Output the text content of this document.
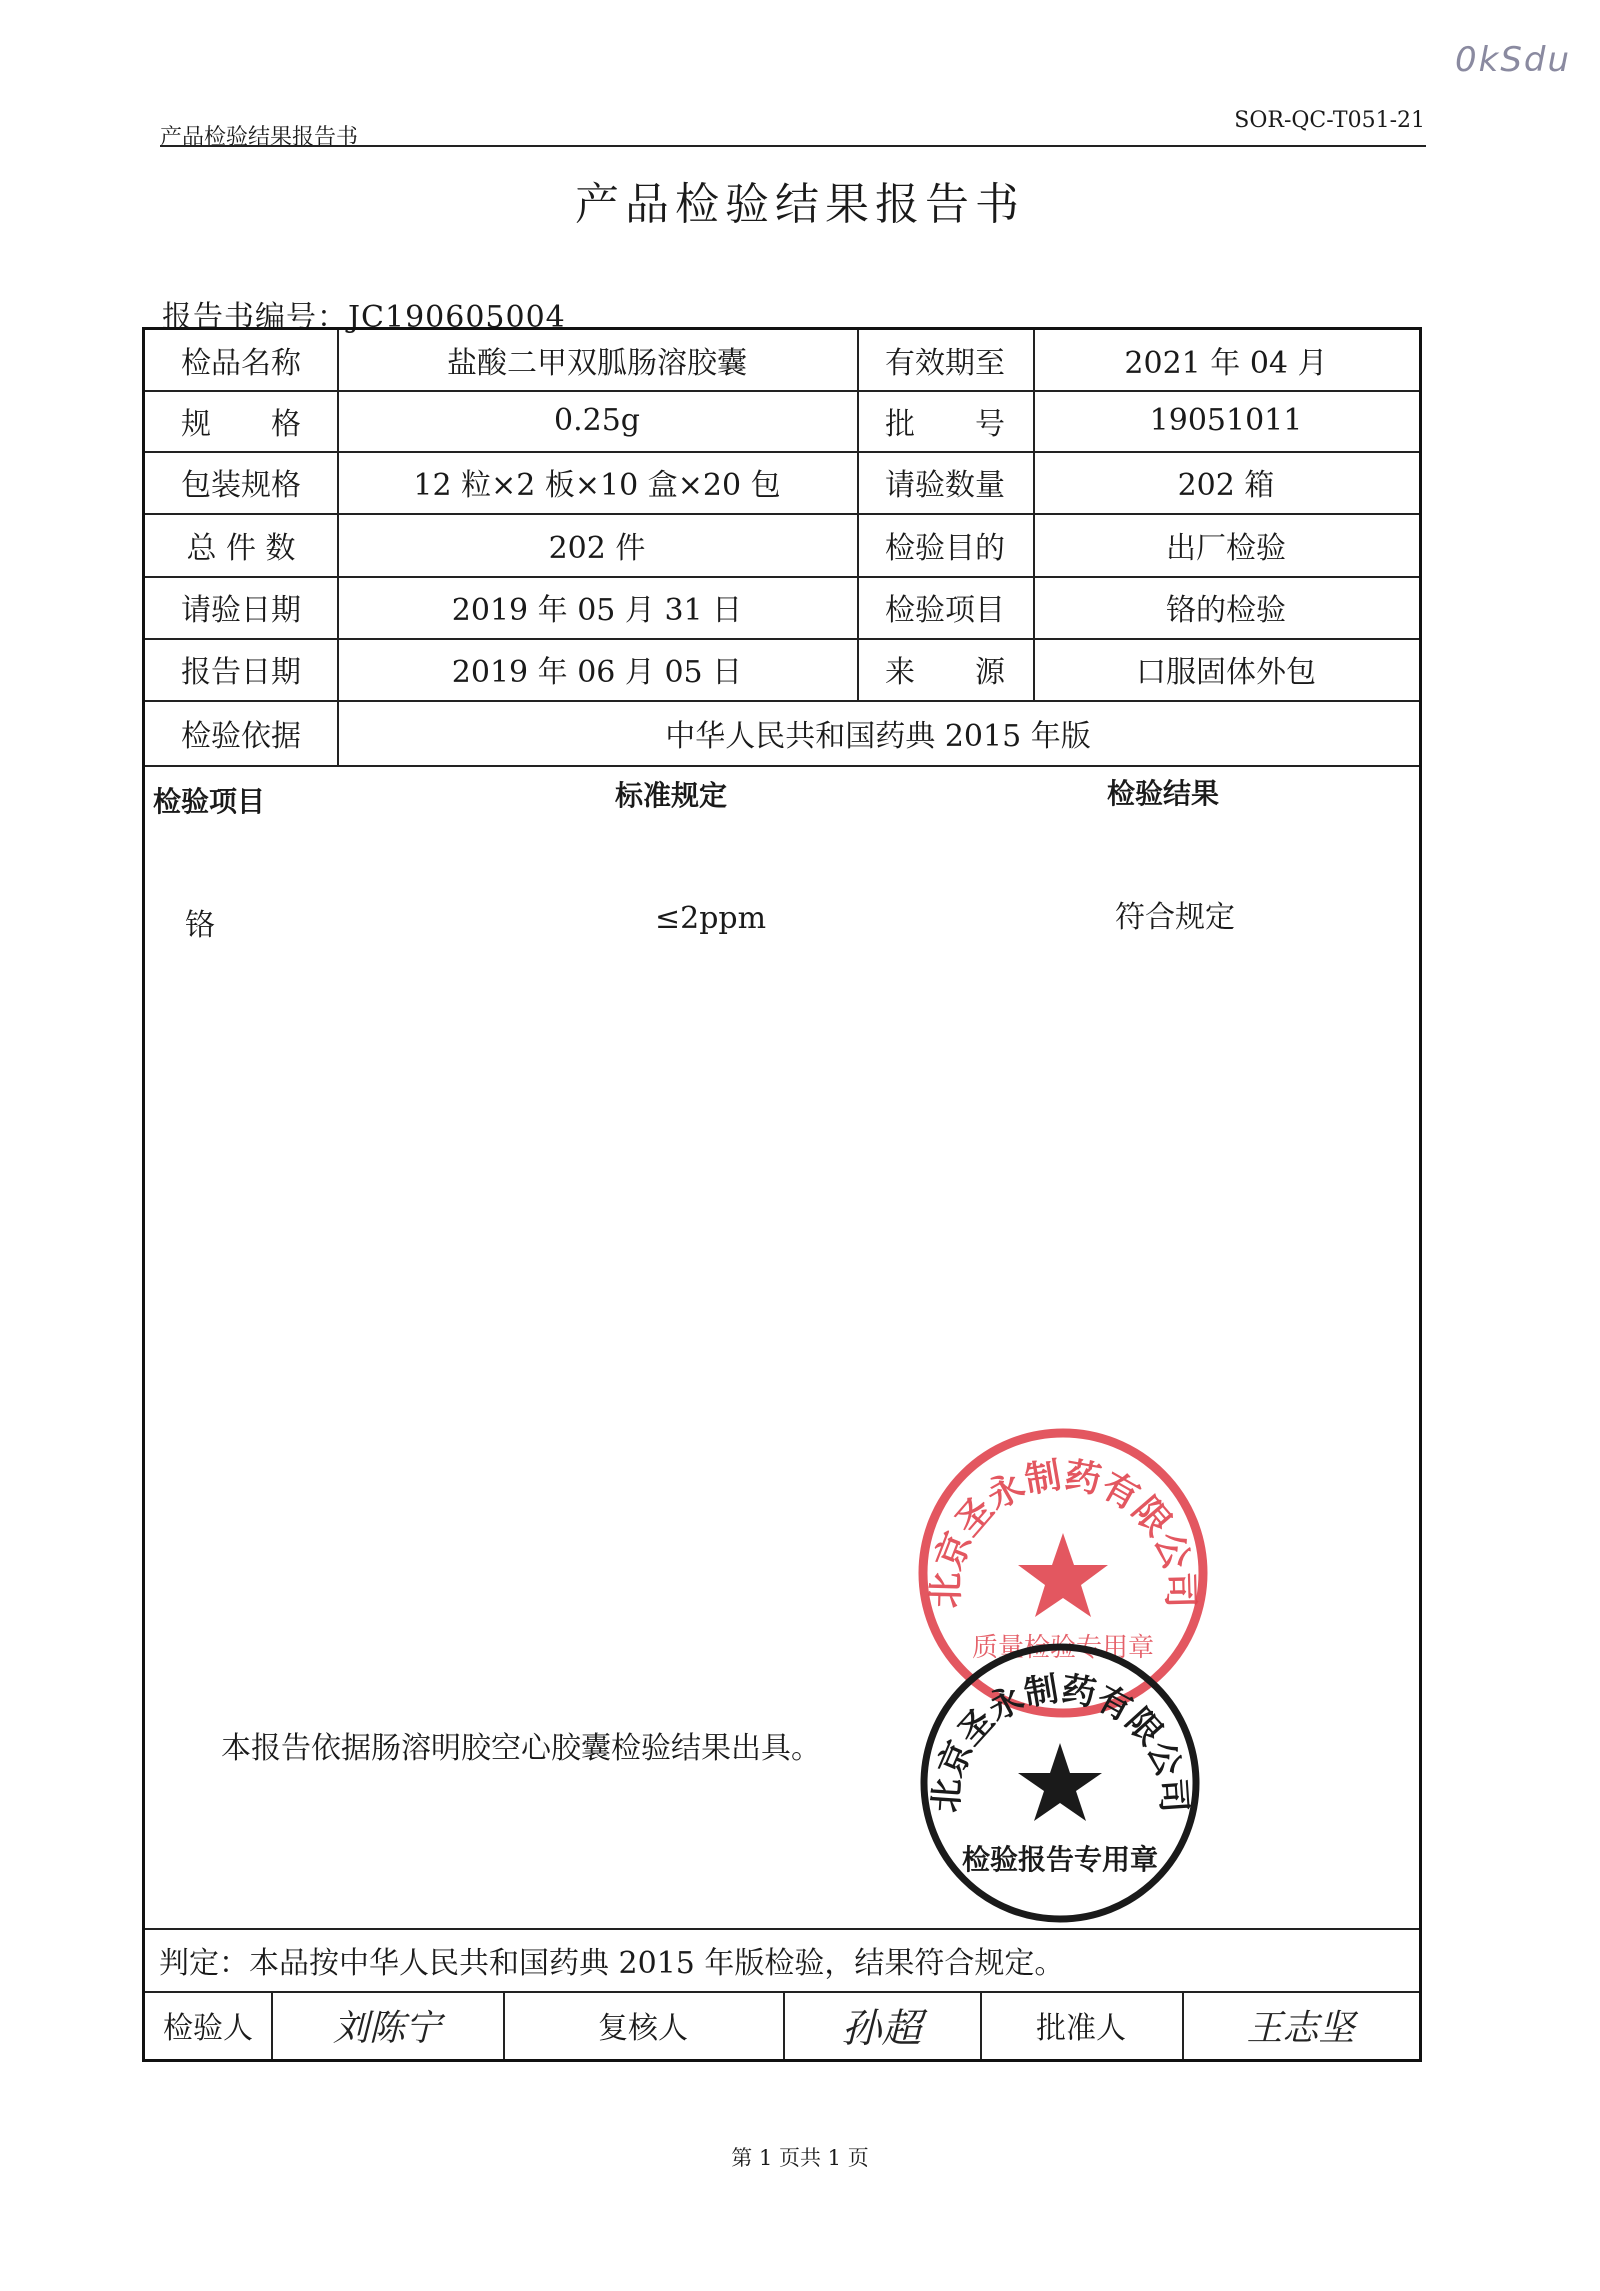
0kSdu
产品检验结果报告书
SOR-QC-T051-21
产品检验结果报告书
报告书编号：JC190605004
检品名称	盐酸二甲双胍肠溶胶囊	有效期至	2021 年 04 月
规　　格	0.25g	批　　号	19051011
包装规格	12 粒×2 板×10 盒×20 包	请验数量	202 箱
总 件 数	202 件	检验目的	出厂检验
请验日期	2019 年 05 月 31 日	检验项目	铬的检验
报告日期	2019 年 06 月 05 日	来　　源	口服固体外包
检验依据	中华人民共和国药典 2015 年版
检验项目	标准规定	检验结果
铬	≤2ppm	符合规定
本报告依据肠溶明胶空心胶囊检验结果出具。
判定：本品按中华人民共和国药典 2015 年版检验，结果符合规定。
检验人	刘陈宁	复核人	孙超	批准人	王志坚
北京圣永制药有限公司
质量检验专用章
北京圣永制药有限公司
检验报告专用章
第 1 页共 1 页
